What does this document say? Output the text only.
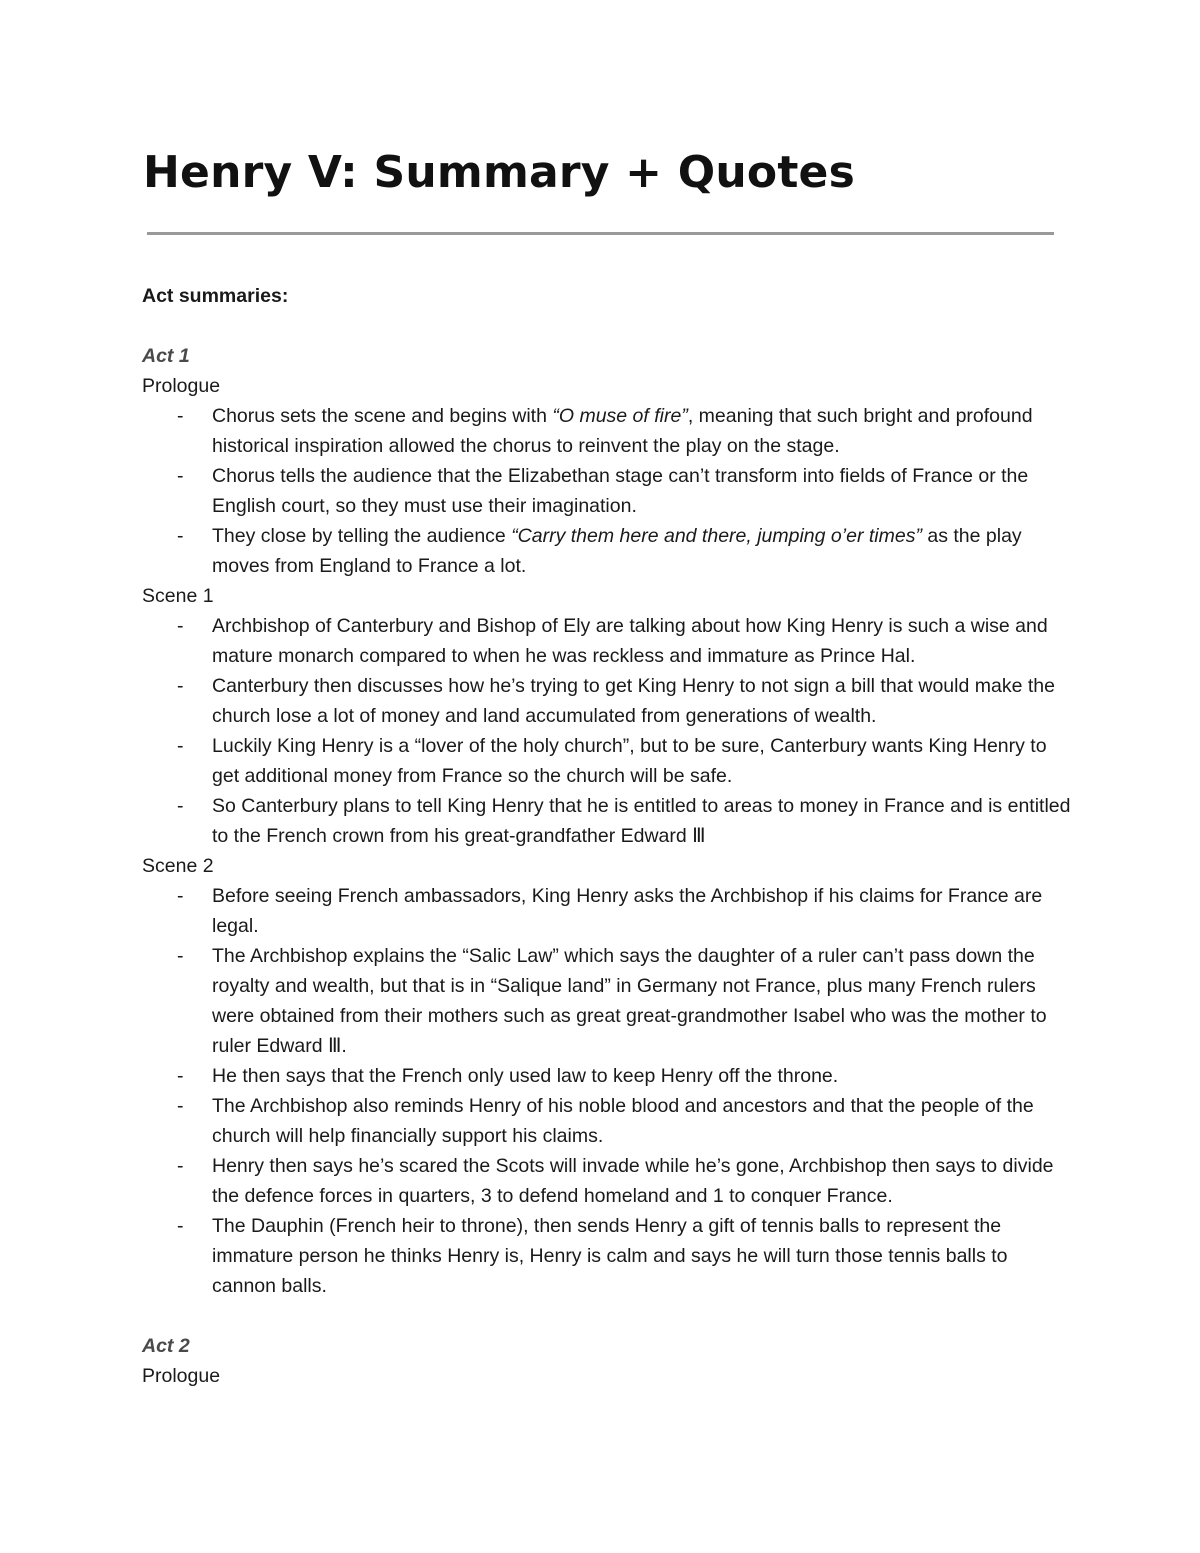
Henry V: Summary + Quotes

Act summaries:

Act 1

Prologue

- Chorus sets the scene and begins with “O muse of fire”, meaning that such bright and profound historical inspiration allowed the chorus to reinvent the play on the stage.
- Chorus tells the audience that the Elizabethan stage can’t transform into fields of France or the English court, so they must use their imagination.
- They close by telling the audience “Carry them here and there, jumping o’er times” as the play moves from England to France a lot.

Scene 1

- Archbishop of Canterbury and Bishop of Ely are talking about how King Henry is such a wise and mature monarch compared to when he was reckless and immature as Prince Hal.
- Canterbury then discusses how he’s trying to get King Henry to not sign a bill that would make the church lose a lot of money and land accumulated from generations of wealth.
- Luckily King Henry is a “lover of the holy church”, but to be sure, Canterbury wants King Henry to get additional money from France so the church will be safe.
- So Canterbury plans to tell King Henry that he is entitled to areas to money in France and is entitled to the French crown from his great-grandfather Edward Ⅲ

Scene 2

- Before seeing French ambassadors, King Henry asks the Archbishop if his claims for France are legal.
- The Archbishop explains the “Salic Law” which says the daughter of a ruler can’t pass down the royalty and wealth, but that is in “Salique land” in Germany not France, plus many French rulers were obtained from their mothers such as great great-grandmother Isabel who was the mother to ruler Edward Ⅲ.
- He then says that the French only used law to keep Henry off the throne.
- The Archbishop also reminds Henry of his noble blood and ancestors and that the people of the church will help financially support his claims.
- Henry then says he’s scared the Scots will invade while he’s gone, Archbishop then says to divide the defence forces in quarters, 3 to defend homeland and 1 to conquer France.
- The Dauphin (French heir to throne), then sends Henry a gift of tennis balls to represent the immature person he thinks Henry is, Henry is calm and says he will turn those tennis balls to cannon balls.

Act 2

Prologue
